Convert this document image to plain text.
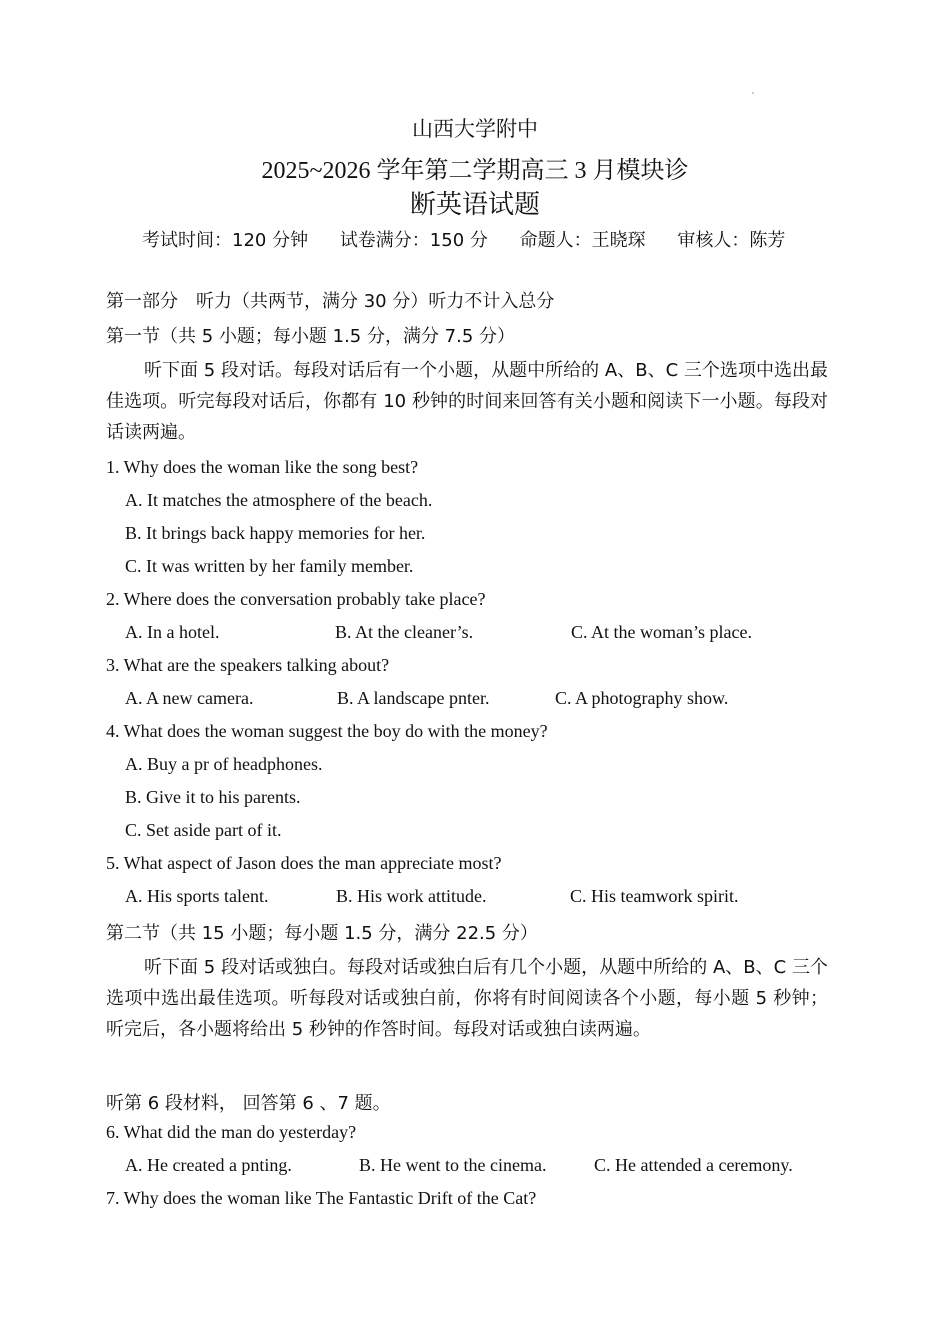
山西大学附中
2025~2026 学年第二学期高三 3 月模块诊
断英语试题
考试时间：120 分钟 试卷满分：150 分 命题人：王晓琛 审核人：陈芳
第一部分　听力（共两节，满分 30 分）听力不计入总分
第一节（共 5 小题；每小题 1.5 分，满分 7.5 分）
听下面 5 段对话。每段对话后有一个小题，从题中所给的 A、B、C 三个选项中选出最佳选项。听完每段对话后，你都有 10 秒钟的时间来回答有关小题和阅读下一小题。每段对话读两遍。
1. Why does the woman like the song best?
A. It matches the atmosphere of the beach.
B. It brings back happy memories for her.
C. It was written by her family member.
2. Where does the conversation probably take place?
A. In a hotel.	B. At the cleaner’s.	C. At the woman’s place.
3. What are the speakers talking about?
A. A new camera.	B. A landscape pnter.	C. A photography show.
4. What does the woman suggest the boy do with the money?
A. Buy a pr of headphones.
B. Give it to his parents.
C. Set aside part of it.
5. What aspect of Jason does the man appreciate most?
A. His sports talent.	B. His work attitude.	C. His teamwork spirit.
第二节（共 15 小题；每小题 1.5 分，满分 22.5 分）
听下面 5 段对话或独白。每段对话或独白后有几个小题，从题中所给的 A、B、C 三个选项中选出最佳选项。听每段对话或独白前，你将有时间阅读各个小题，每小题 5 秒钟；听完后，各小题将给出 5 秒钟的作答时间。每段对话或独白读两遍。
听第 6 段材料， 回答第 6 、7 题。
6. What did the man do yesterday?
A. He created a pnting.	B. He went to the cinema.	C. He attended a ceremony.
7. Why does the woman like The Fantastic Drift of the Cat?
